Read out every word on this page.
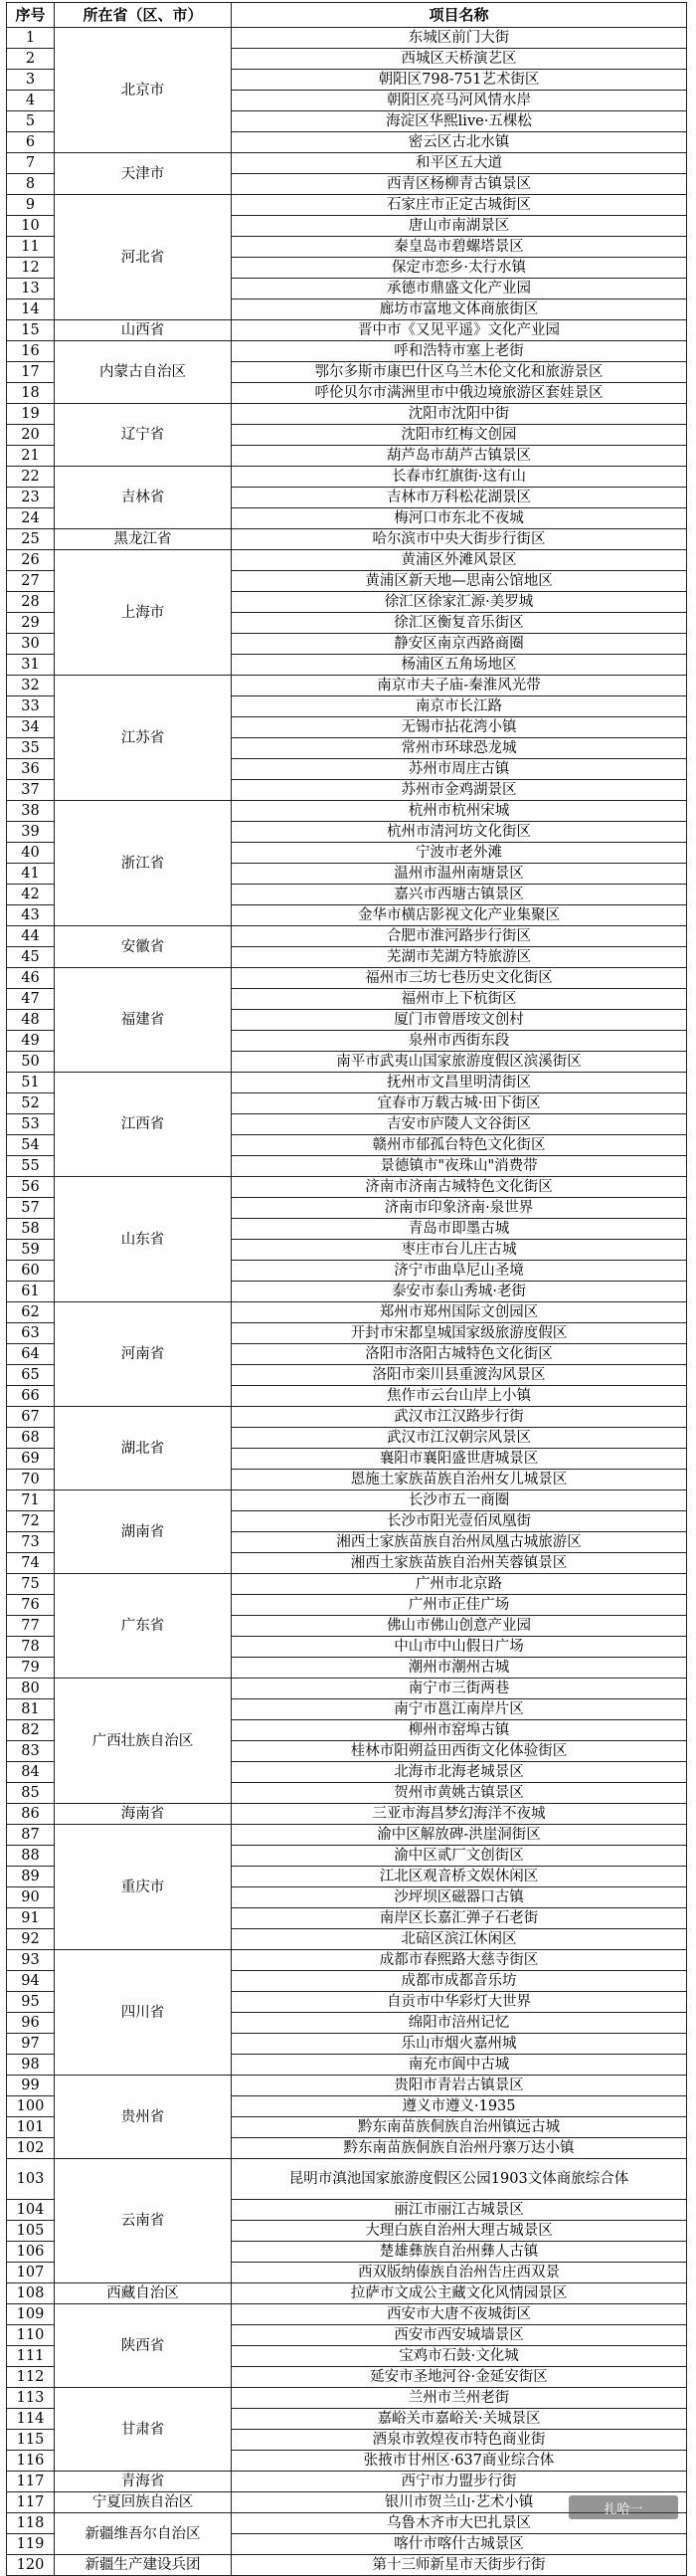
序号	所在省（区、市）	项目名称
1	北京市	东城区前门大街
2		西城区天桥演艺区
3		朝阳区798-751艺术街区
4		朝阳区亮马河风情水岸
5		海淀区华熙live·五棵松
6		密云区古北水镇
7	天津市	和平区五大道
8		西青区杨柳青古镇景区
9	河北省	石家庄市正定古城街区
10		唐山市南湖景区
11		秦皇岛市碧螺塔景区
12		保定市恋乡·太行水镇
13		承德市鼎盛文化产业园
14		廊坊市富地文体商旅街区
15	山西省	晋中市《又见平遥》文化产业园
16	内蒙古自治区	呼和浩特市塞上老街
17		鄂尔多斯市康巴什区乌兰木伦文化和旅游景区
18		呼伦贝尔市满洲里市中俄边境旅游区套娃景区
19	辽宁省	沈阳市沈阳中街
20		沈阳市红梅文创园
21		葫芦岛市葫芦古镇景区
22	吉林省	长春市红旗街·这有山
23		吉林市万科松花湖景区
24		梅河口市东北不夜城
25	黑龙江省	哈尔滨市中央大街步行街区
26	上海市	黄浦区外滩风景区
27		黄浦区新天地—思南公馆地区
28		徐汇区徐家汇源·美罗城
29		徐汇区衡复音乐街区
30		静安区南京西路商圈
31		杨浦区五角场地区
32	江苏省	南京市夫子庙-秦淮风光带
33		南京市长江路
34		无锡市拈花湾小镇
35		常州市环球恐龙城
36		苏州市周庄古镇
37		苏州市金鸡湖景区
38	浙江省	杭州市杭州宋城
39		杭州市清河坊文化街区
40		宁波市老外滩
41		温州市温州南塘景区
42		嘉兴市西塘古镇景区
43		金华市横店影视文化产业集聚区
44	安徽省	合肥市淮河路步行街区
45		芜湖市芜湖方特旅游区
46	福建省	福州市三坊七巷历史文化街区
47		福州市上下杭街区
48		厦门市曾厝垵文创村
49		泉州市西街东段
50		南平市武夷山国家旅游度假区滨溪街区
51	江西省	抚州市文昌里明清街区
52		宜春市万载古城·田下街区
53		吉安市庐陵人文谷街区
54		赣州市郁孤台特色文化街区
55		景德镇市"夜珠山"消费带
56	山东省	济南市济南古城特色文化街区
57		济南市印象济南·泉世界
58		青岛市即墨古城
59		枣庄市台儿庄古城
60		济宁市曲阜尼山圣境
61		泰安市泰山秀城·老街
62	河南省	郑州市郑州国际文创园区
63		开封市宋都皇城国家级旅游度假区
64		洛阳市洛阳古城特色文化街区
65		洛阳市栾川县重渡沟风景区
66		焦作市云台山岸上小镇
67	湖北省	武汉市江汉路步行街
68		武汉市江汉朝宗风景区
69		襄阳市襄阳盛世唐城景区
70		恩施土家族苗族自治州女儿城景区
71	湖南省	长沙市五一商圈
72		长沙市阳光壹佰凤凰街
73		湘西土家族苗族自治州凤凰古城旅游区
74		湘西土家族苗族自治州芙蓉镇景区
75	广东省	广州市北京路
76		广州市正佳广场
77		佛山市佛山创意产业园
78		中山市中山假日广场
79		潮州市潮州古城
80	广西壮族自治区	南宁市三街两巷
81		南宁市邕江南岸片区
82		柳州市窑埠古镇
83		桂林市阳朔益田西街文化体验街区
84		北海市北海老城景区
85		贺州市黄姚古镇景区
86	海南省	三亚市海昌梦幻海洋不夜城
87	重庆市	渝中区解放碑-洪崖洞街区
88		渝中区贰厂文创街区
89		江北区观音桥文娱休闲区
90		沙坪坝区磁器口古镇
91		南岸区长嘉汇弹子石老街
92		北碚区滨江休闲区
93	四川省	成都市春熙路大慈寺街区
94		成都市成都音乐坊
95		自贡市中华彩灯大世界
96		绵阳市涪州记忆
97		乐山市烟火嘉州城
98		南充市阆中古城
99	贵州省	贵阳市青岩古镇景区
100		遵义市遵义·1935
101		黔东南苗族侗族自治州镇远古城
102		黔东南苗族侗族自治州丹寨万达小镇
103	云南省	昆明市滇池国家旅游度假区公园1903文体商旅综合体
104		丽江市丽江古城景区
105		大理白族自治州大理古城景区
106		楚雄彝族自治州彝人古镇
107		西双版纳傣族自治州告庄西双景
108	西藏自治区	拉萨市文成公主藏文化风情园景区
109	陕西省	西安市大唐不夜城街区
110		西安市西安城墙景区
111		宝鸡市石鼓·文化城
112		延安市圣地河谷·金延安街区
113	甘肃省	兰州市兰州老街
114		嘉峪关市嘉峪关·关城景区
115		酒泉市敦煌夜市特色商业街
116		张掖市甘州区·637商业综合体
117	青海省	西宁市力盟步行街
117	宁夏回族自治区	银川市贺兰山·艺术小镇
118	新疆维吾尔自治区	乌鲁木齐市大巴扎景区
119		喀什市喀什古城景区
120	新疆生产建设兵团	第十三师新星市天街步行街
扎哈一
